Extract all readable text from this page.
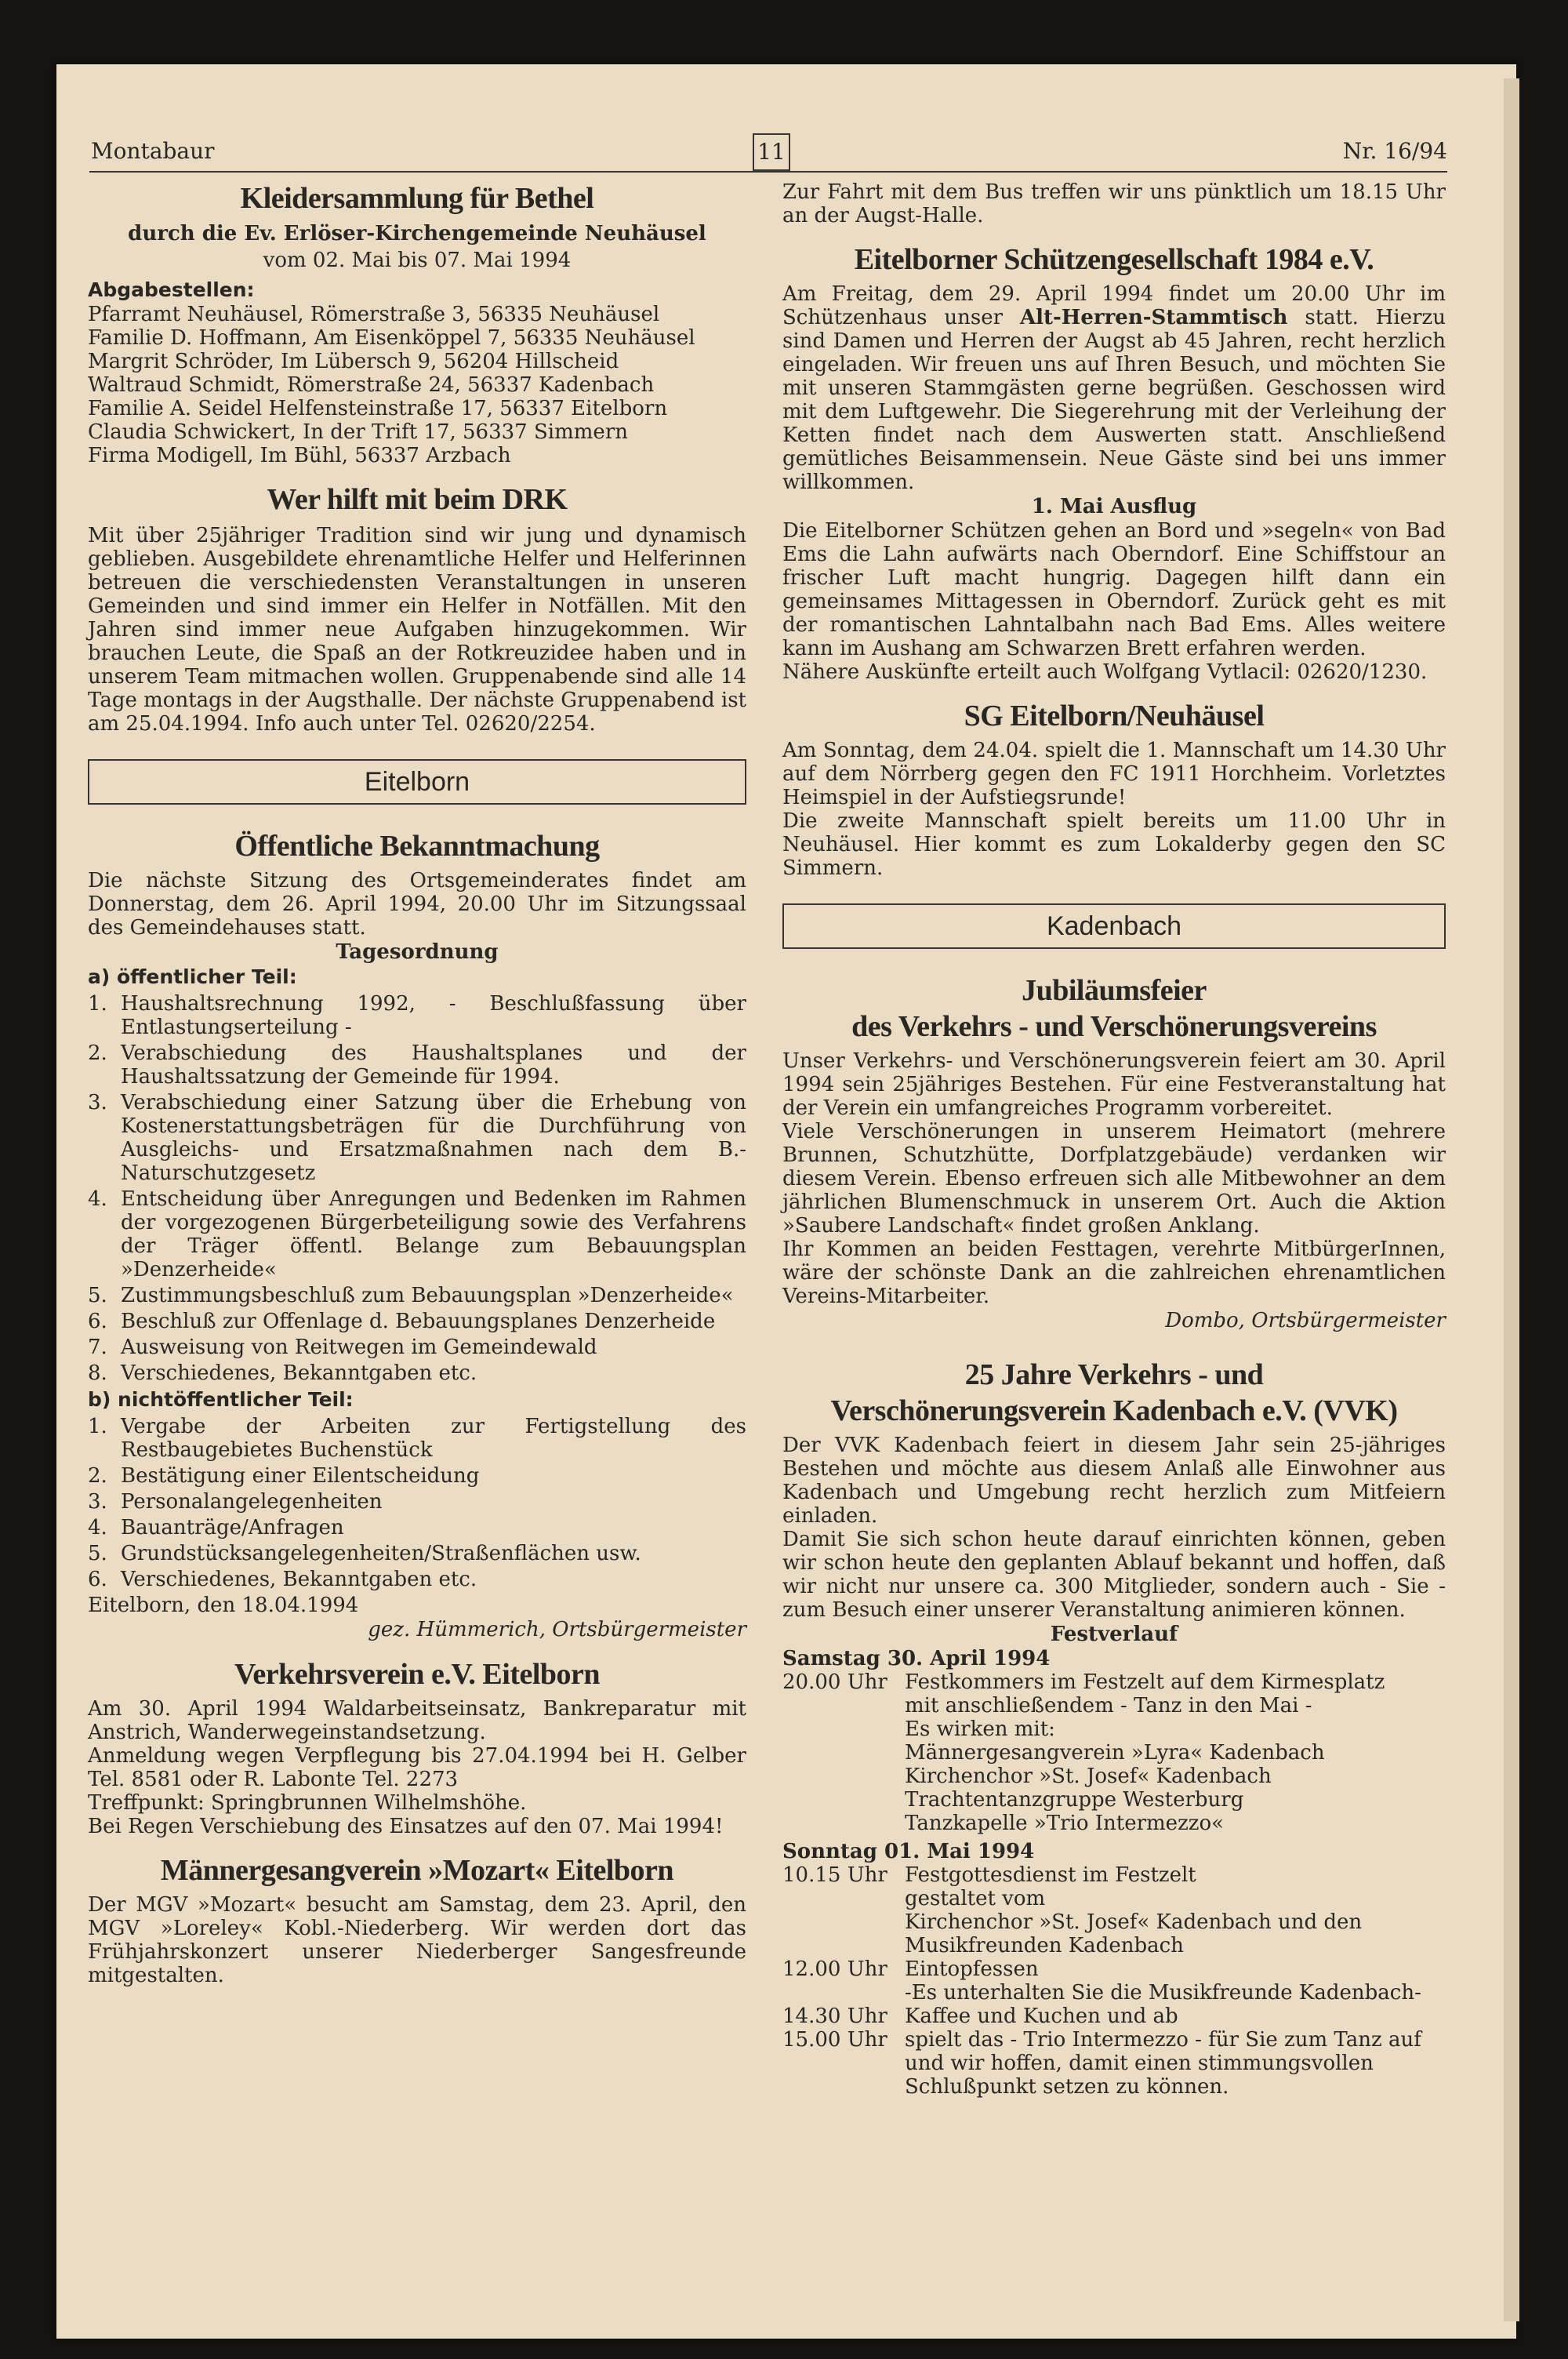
Montabaur	11	Nr. 16/94
Kleidersammlung für Bethel
durch die Ev. Erlöser-Kirchengemeinde Neuhäusel
vom 02. Mai bis 07. Mai 1994
Abgabestellen:
Pfarramt Neuhäusel, Römerstraße 3, 56335 Neuhäusel
Familie D. Hoffmann, Am Eisenköppel 7, 56335 Neuhäusel
Margrit Schröder, Im Lübersch 9, 56204 Hillscheid
Waltraud Schmidt, Römerstraße 24, 56337 Kadenbach
Familie A. Seidel Helfensteinstraße 17, 56337 Eitelborn
Claudia Schwickert, In der Trift 17, 56337 Simmern
Firma Modigell, Im Bühl, 56337 Arzbach
Wer hilft mit beim DRK

Mit über 25jähriger Tradition sind wir jung und dynamisch geblieben. Ausgebildete ehrenamtliche Helfer und Helferinnen betreuen die verschiedensten Veranstaltungen in unseren Gemeinden und sind immer ein Helfer in Notfällen. Mit den Jahren sind immer neue Aufgaben hinzugekommen. Wir brauchen Leute, die Spaß an der Rotkreuzidee haben und in unserem Team mitmachen wollen. Gruppenabende sind alle 14 Tage montags in der Augsthalle. Der nächste Gruppenabend ist am 25.04.1994. Info auch unter Tel. 02620/2254.

Eitelborn
Öffentliche Bekanntmachung

Die nächste Sitzung des Ortsgemeinderates findet am Donnerstag, dem 26. April 1994, 20.00 Uhr im Sitzungssaal des Gemeindehauses statt.

Tagesordnung
a) öffentlicher Teil:
1. Haushaltsrechnung 1992, - Beschlußfassung über Entlastungserteilung -
2. Verabschiedung des Haushaltsplanes und der Haushaltssatzung der Gemeinde für 1994.
3. Verabschiedung einer Satzung über die Erhebung von Kostenerstattungsbeträgen für die Durchführung von Ausgleichs- und Ersatzmaßnahmen nach dem B.-Naturschutzgesetz
4. Entscheidung über Anregungen und Bedenken im Rahmen der vorgezogenen Bürgerbeteiligung sowie des Verfahrens der Träger öffentl. Belange zum Bebauungsplan »Denzerheide«
5. Zustimmungsbeschluß zum Bebauungsplan »Denzerheide«
6. Beschluß zur Offenlage d. Bebauungsplanes Denzerheide
7. Ausweisung von Reitwegen im Gemeindewald
8. Verschiedenes, Bekanntgaben etc.
b) nichtöffentlicher Teil:
1. Vergabe der Arbeiten zur Fertigstellung des Restbaugebietes Buchenstück
2. Bestätigung einer Eilentscheidung
3. Personalangelegenheiten
4. Bauanträge/Anfragen
5. Grundstücksangelegenheiten/Straßenflächen usw.
6. Verschiedenes, Bekanntgaben etc.
Eitelborn, den 18.04.1994
gez. Hümmerich, Ortsbürgermeister
Verkehrsverein e.V. Eitelborn

Am 30. April 1994 Waldarbeitseinsatz, Bankreparatur mit Anstrich, Wanderwegeinstandsetzung.

Anmeldung wegen Verpflegung bis 27.04.1994 bei H. Gelber Tel. 8581 oder R. Labonte Tel. 2273

Treffpunkt: Springbrunnen Wilhelmshöhe.

Bei Regen Verschiebung des Einsatzes auf den 07. Mai 1994!

Männergesangverein »Mozart« Eitelborn

Der MGV »Mozart« besucht am Samstag, dem 23. April, den MGV »Loreley« Kobl.-Niederberg. Wir werden dort das Frühjahrskonzert unserer Niederberger Sangesfreunde mitgestalten.

Zur Fahrt mit dem Bus treffen wir uns pünktlich um 18.15 Uhr an der Augst-Halle.

Eitelborner Schützengesellschaft 1984 e.V.

Am Freitag, dem 29. April 1994 findet um 20.00 Uhr im Schützenhaus unser Alt-Herren-Stammtisch statt. Hierzu sind Damen und Herren der Augst ab 45 Jahren, recht herzlich eingeladen. Wir freuen uns auf Ihren Besuch, und möchten Sie mit unseren Stammgästen gerne begrüßen. Geschossen wird mit dem Luftgewehr. Die Siegerehrung mit der Verleihung der Ketten findet nach dem Auswerten statt. Anschließend gemütliches Beisammensein. Neue Gäste sind bei uns immer willkommen.

1. Mai Ausflug

Die Eitelborner Schützen gehen an Bord und »segeln« von Bad Ems die Lahn aufwärts nach Oberndorf. Eine Schiffstour an frischer Luft macht hungrig. Dagegen hilft dann ein gemeinsames Mittagessen in Oberndorf. Zurück geht es mit der romantischen Lahntalbahn nach Bad Ems. Alles weitere kann im Aushang am Schwarzen Brett erfahren werden.

Nähere Auskünfte erteilt auch Wolfgang Vytlacil: 02620/1230.

SG Eitelborn/Neuhäusel

Am Sonntag, dem 24.04. spielt die 1. Mannschaft um 14.30 Uhr auf dem Nörrberg gegen den FC 1911 Horchheim. Vorletztes Heimspiel in der Aufstiegsrunde!

Die zweite Mannschaft spielt bereits um 11.00 Uhr in Neuhäusel. Hier kommt es zum Lokalderby gegen den SC Simmern.

Kadenbach
Jubiläumsfeier
des Verkehrs - und Verschönerungsvereins

Unser Verkehrs- und Verschönerungsverein feiert am 30. April 1994 sein 25jähriges Bestehen. Für eine Festveranstaltung hat der Verein ein umfangreiches Programm vorbereitet.

Viele Verschönerungen in unserem Heimatort (mehrere Brunnen, Schutzhütte, Dorfplatzgebäude) verdanken wir diesem Verein. Ebenso erfreuen sich alle Mitbewohner an dem jährlichen Blumenschmuck in unserem Ort. Auch die Aktion »Saubere Landschaft« findet großen Anklang.

Ihr Kommen an beiden Festtagen, verehrte MitbürgerInnen, wäre der schönste Dank an die zahlreichen ehrenamtlichen Vereins-Mitarbeiter.

Dombo, Ortsbürgermeister
25 Jahre Verkehrs - und
Verschönerungsverein Kadenbach e.V. (VVK)

Der VVK Kadenbach feiert in diesem Jahr sein 25-jähriges Bestehen und möchte aus diesem Anlaß alle Einwohner aus Kadenbach und Umgebung recht herzlich zum Mitfeiern einladen.

Damit Sie sich schon heute darauf einrichten können, geben wir schon heute den geplanten Ablauf bekannt und hoffen, daß wir nicht nur unsere ca. 300 Mitglieder, sondern auch - Sie - zum Besuch einer unserer Veranstaltung animieren können.

Festverlauf
Samstag 30. April 1994
20.00 Uhr Festkommers im Festzelt auf dem Kirmesplatz
mit anschließendem - Tanz in den Mai -
Es wirken mit:
Männergesangverein »Lyra« Kadenbach
Kirchenchor »St. Josef« Kadenbach
Trachtentanzgruppe Westerburg
Tanzkapelle »Trio Intermezzo«
Sonntag 01. Mai 1994
10.15 Uhr Festgottesdienst im Festzelt
gestaltet vom
Kirchenchor »St. Josef« Kadenbach und den Musikfreunden Kadenbach
12.00 Uhr Eintopfessen
-Es unterhalten Sie die Musikfreunde Kadenbach-
14.30 Uhr Kaffee und Kuchen und ab
15.00 Uhr spielt das - Trio Intermezzo - für Sie zum Tanz auf und wir hoffen, damit einen stimmungsvollen Schlußpunkt setzen zu können.
